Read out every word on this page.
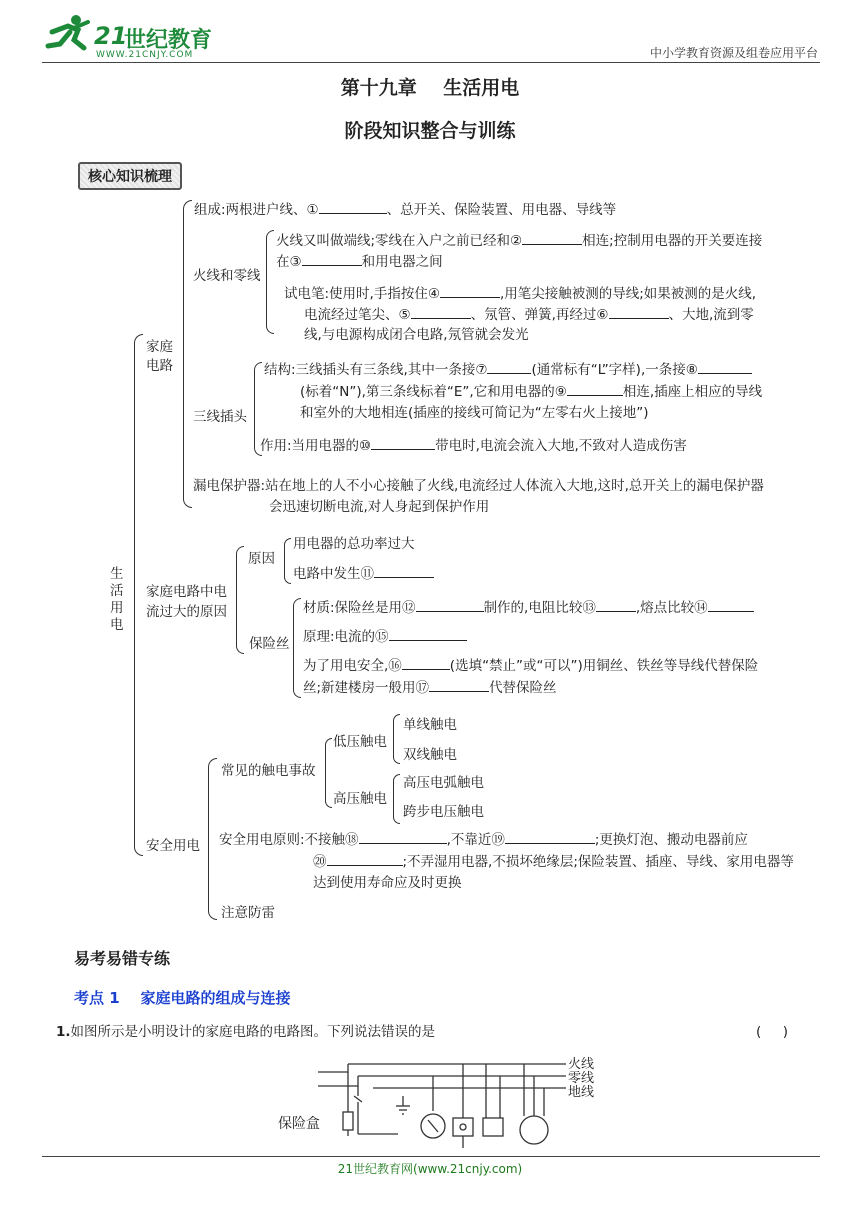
21
世纪教育
WWW.21CNJY.COM	中小学教育资源及组卷应用平台
第十九章    生活用电
阶段知识整合与训练
核心知识梳理
生活用电
家庭电路
组成:两根进户线、①	、总开关、保险装置、用电器、导线等
火线和零线
火线又叫做端线;零线在入户之前已经和②	相连;控制用电器的开关要连接
在③	和用电器之间
试电笔:使用时,手指按住④	,用笔尖接触被测的导线;如果被测的是火线,
电流经过笔尖、⑤	、氖管、弹簧,再经过⑥	、大地,流到零
线,与电源构成闭合电路,氖管就会发光
三线插头
结构:三线插头有三条线,其中一条接⑦	(通常标有“L”字样),一条接⑧
(标着“N”),第三条线标着“E”,它和用电器的⑨	相连,插座上相应的导线
和室外的大地相连(插座的接线可简记为“左零右火上接地”)
作用:当用电器的⑩	带电时,电流会流入大地,不致对人造成伤害
漏电保护器:站在地上的人不小心接触了火线,电流经过人体流入大地,这时,总开关上的漏电保护器
会迅速切断电流,对人身起到保护作用
家庭电路中电
流过大的原因
原因
用电器的总功率过大
电路中发生⑪
保险丝
材质:保险丝是用⑫	制作的,电阻比较⑬	,熔点比较⑭
原理:电流的⑮
为了用电安全,⑯	(选填“禁止”或“可以”)用铜丝、铁丝等导线代替保险
丝;新建楼房一般用⑰	代替保险丝
安全用电
常见的触电事故
低压触电
单线触电
双线触电
高压触电
高压电弧触电
跨步电压触电
安全用电原则:不接触⑱	,不靠近⑲	;更换灯泡、搬动电器前应
⑳	;不弄湿用电器,不损坏绝缘层;保险装置、插座、导线、家用电器等
达到使用寿命应及时更换
注意防雷
易考易错专练
考点 1    家庭电路的组成与连接
1.如图所示是小明设计的家庭电路的电路图。下列说法错误的是	(     )
火线
零线
地线
保险盒
21世纪教育网(www.21cnjy.com)
